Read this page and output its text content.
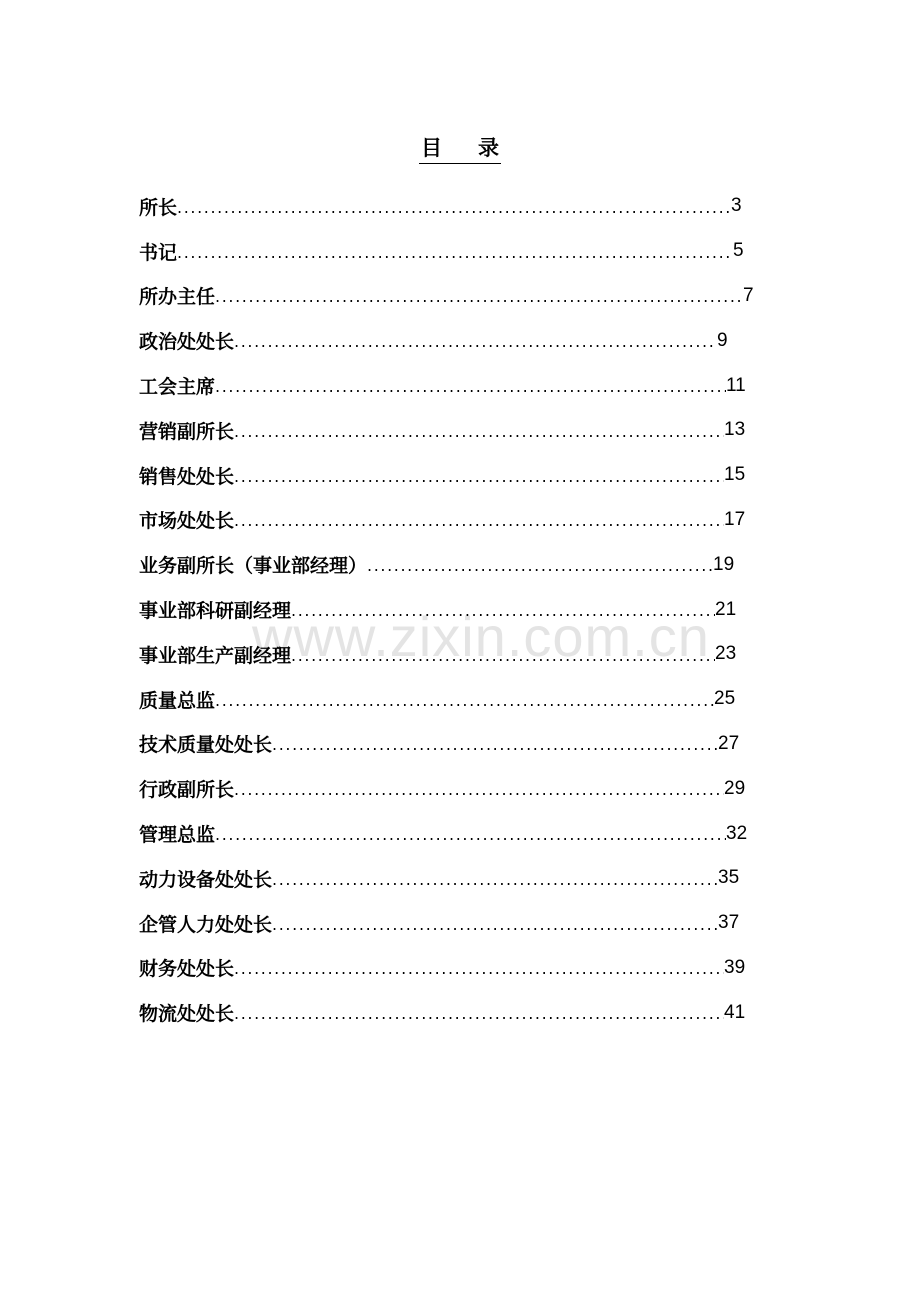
www.zixin.com.cn
目 录
所长 .....	3
书记 .....	5
所办主任 .....	7
政治处处长 .....	9
工会主席 .....	11
营销副所长 .....	13
销售处处长 .....	15
市场处处长 .....	17
业务副所长（事业部经理） .....	19
事业部科研副经理 .....	21
事业部生产副经理 .....	23
质量总监 .....	25
技术质量处处长 .....	27
行政副所长 .....	29
管理总监 .....	32
动力设备处处长 .....	35
企管人力处处长 .....	37
财务处处长 .....	39
物流处处长 .....	41
